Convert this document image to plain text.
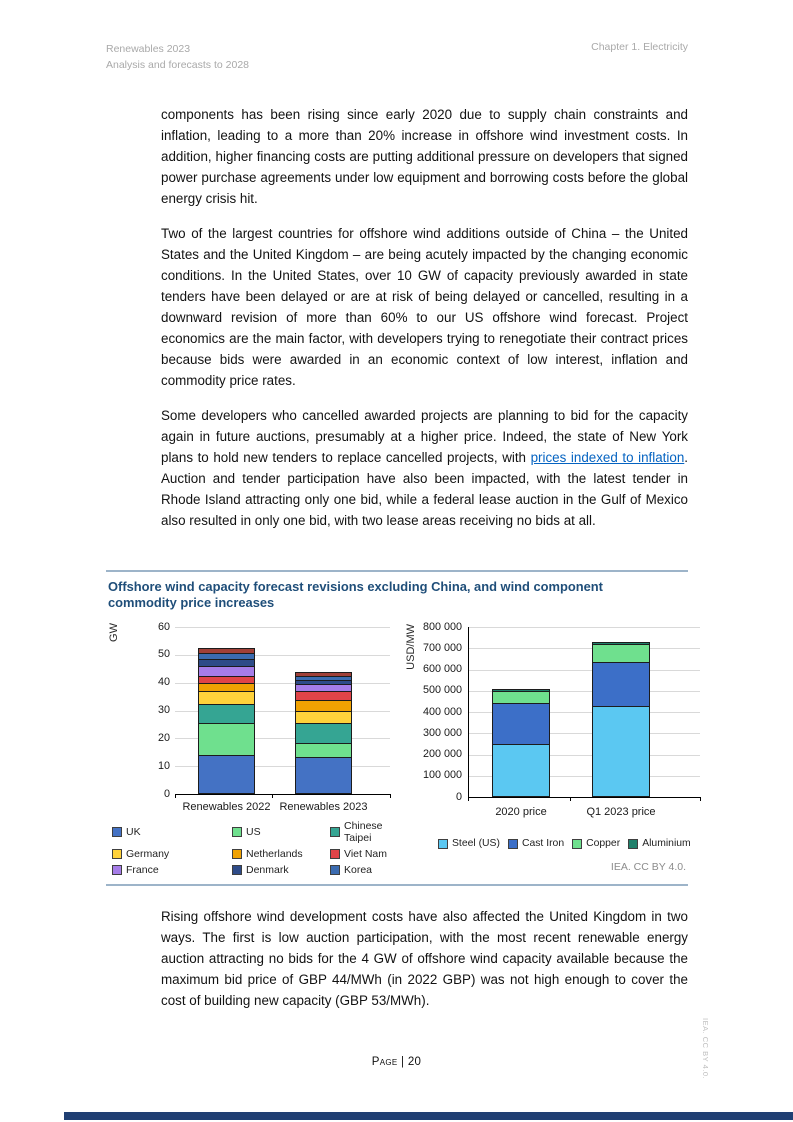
Renewables 2023
Analysis and forecasts to 2028
Chapter 1. Electricity

components has been rising since early 2020 due to supply chain constraints and inflation, leading to a more than 20% increase in offshore wind investment costs. In addition, higher financing costs are putting additional pressure on developers that signed power purchase agreements under low equipment and borrowing costs before the global energy crisis hit.

Two of the largest countries for offshore wind additions outside of China – the United States and the United Kingdom – are being acutely impacted by the changing economic conditions. In the United States, over 10 GW of capacity previously awarded in state tenders have been delayed or are at risk of being delayed or cancelled, resulting in a downward revision of more than 60% to our US offshore wind forecast. Project economics are the main factor, with developers trying to renegotiate their contract prices because bids were awarded in an economic context of low interest, inflation and commodity price rates.

Some developers who cancelled awarded projects are planning to bid for the capacity again in future auctions, presumably at a higher price. Indeed, the state of New York plans to hold new tenders to replace cancelled projects, with prices indexed to inflation. Auction and tender participation have also been impacted, with the latest tender in Rhode Island attracting only one bid, while a federal lease auction in the Gulf of Mexico also resulted in only one bid, with two lease areas receiving no bids at all.

Offshore wind capacity forecast revisions excluding China, and wind component commodity price increases
UK	US	Chinese Taipei
Germany	Netherlands	Viet Nam
France	Denmark	Korea
GW
0
10
20
30
40
50
60
Renewables 2022 Renewables 2023
Steel (US) Cast Iron Copper Aluminium
USD/MW
0
100 000
200 000
300 000
400 000
500 000
600 000
700 000
800 000
2020 price	Q1 2023 price
IEA. CC BY 4.0.

Rising offshore wind development costs have also affected the United Kingdom in two ways. The first is low auction participation, with the most recent renewable energy auction attracting no bids for the 4 GW of offshore wind capacity available because the maximum bid price of GBP 44/MWh (in 2022 GBP) was not high enough to cover the cost of building new capacity (GBP 53/MWh).

Page | 20	IEA. CC BY 4.0.
